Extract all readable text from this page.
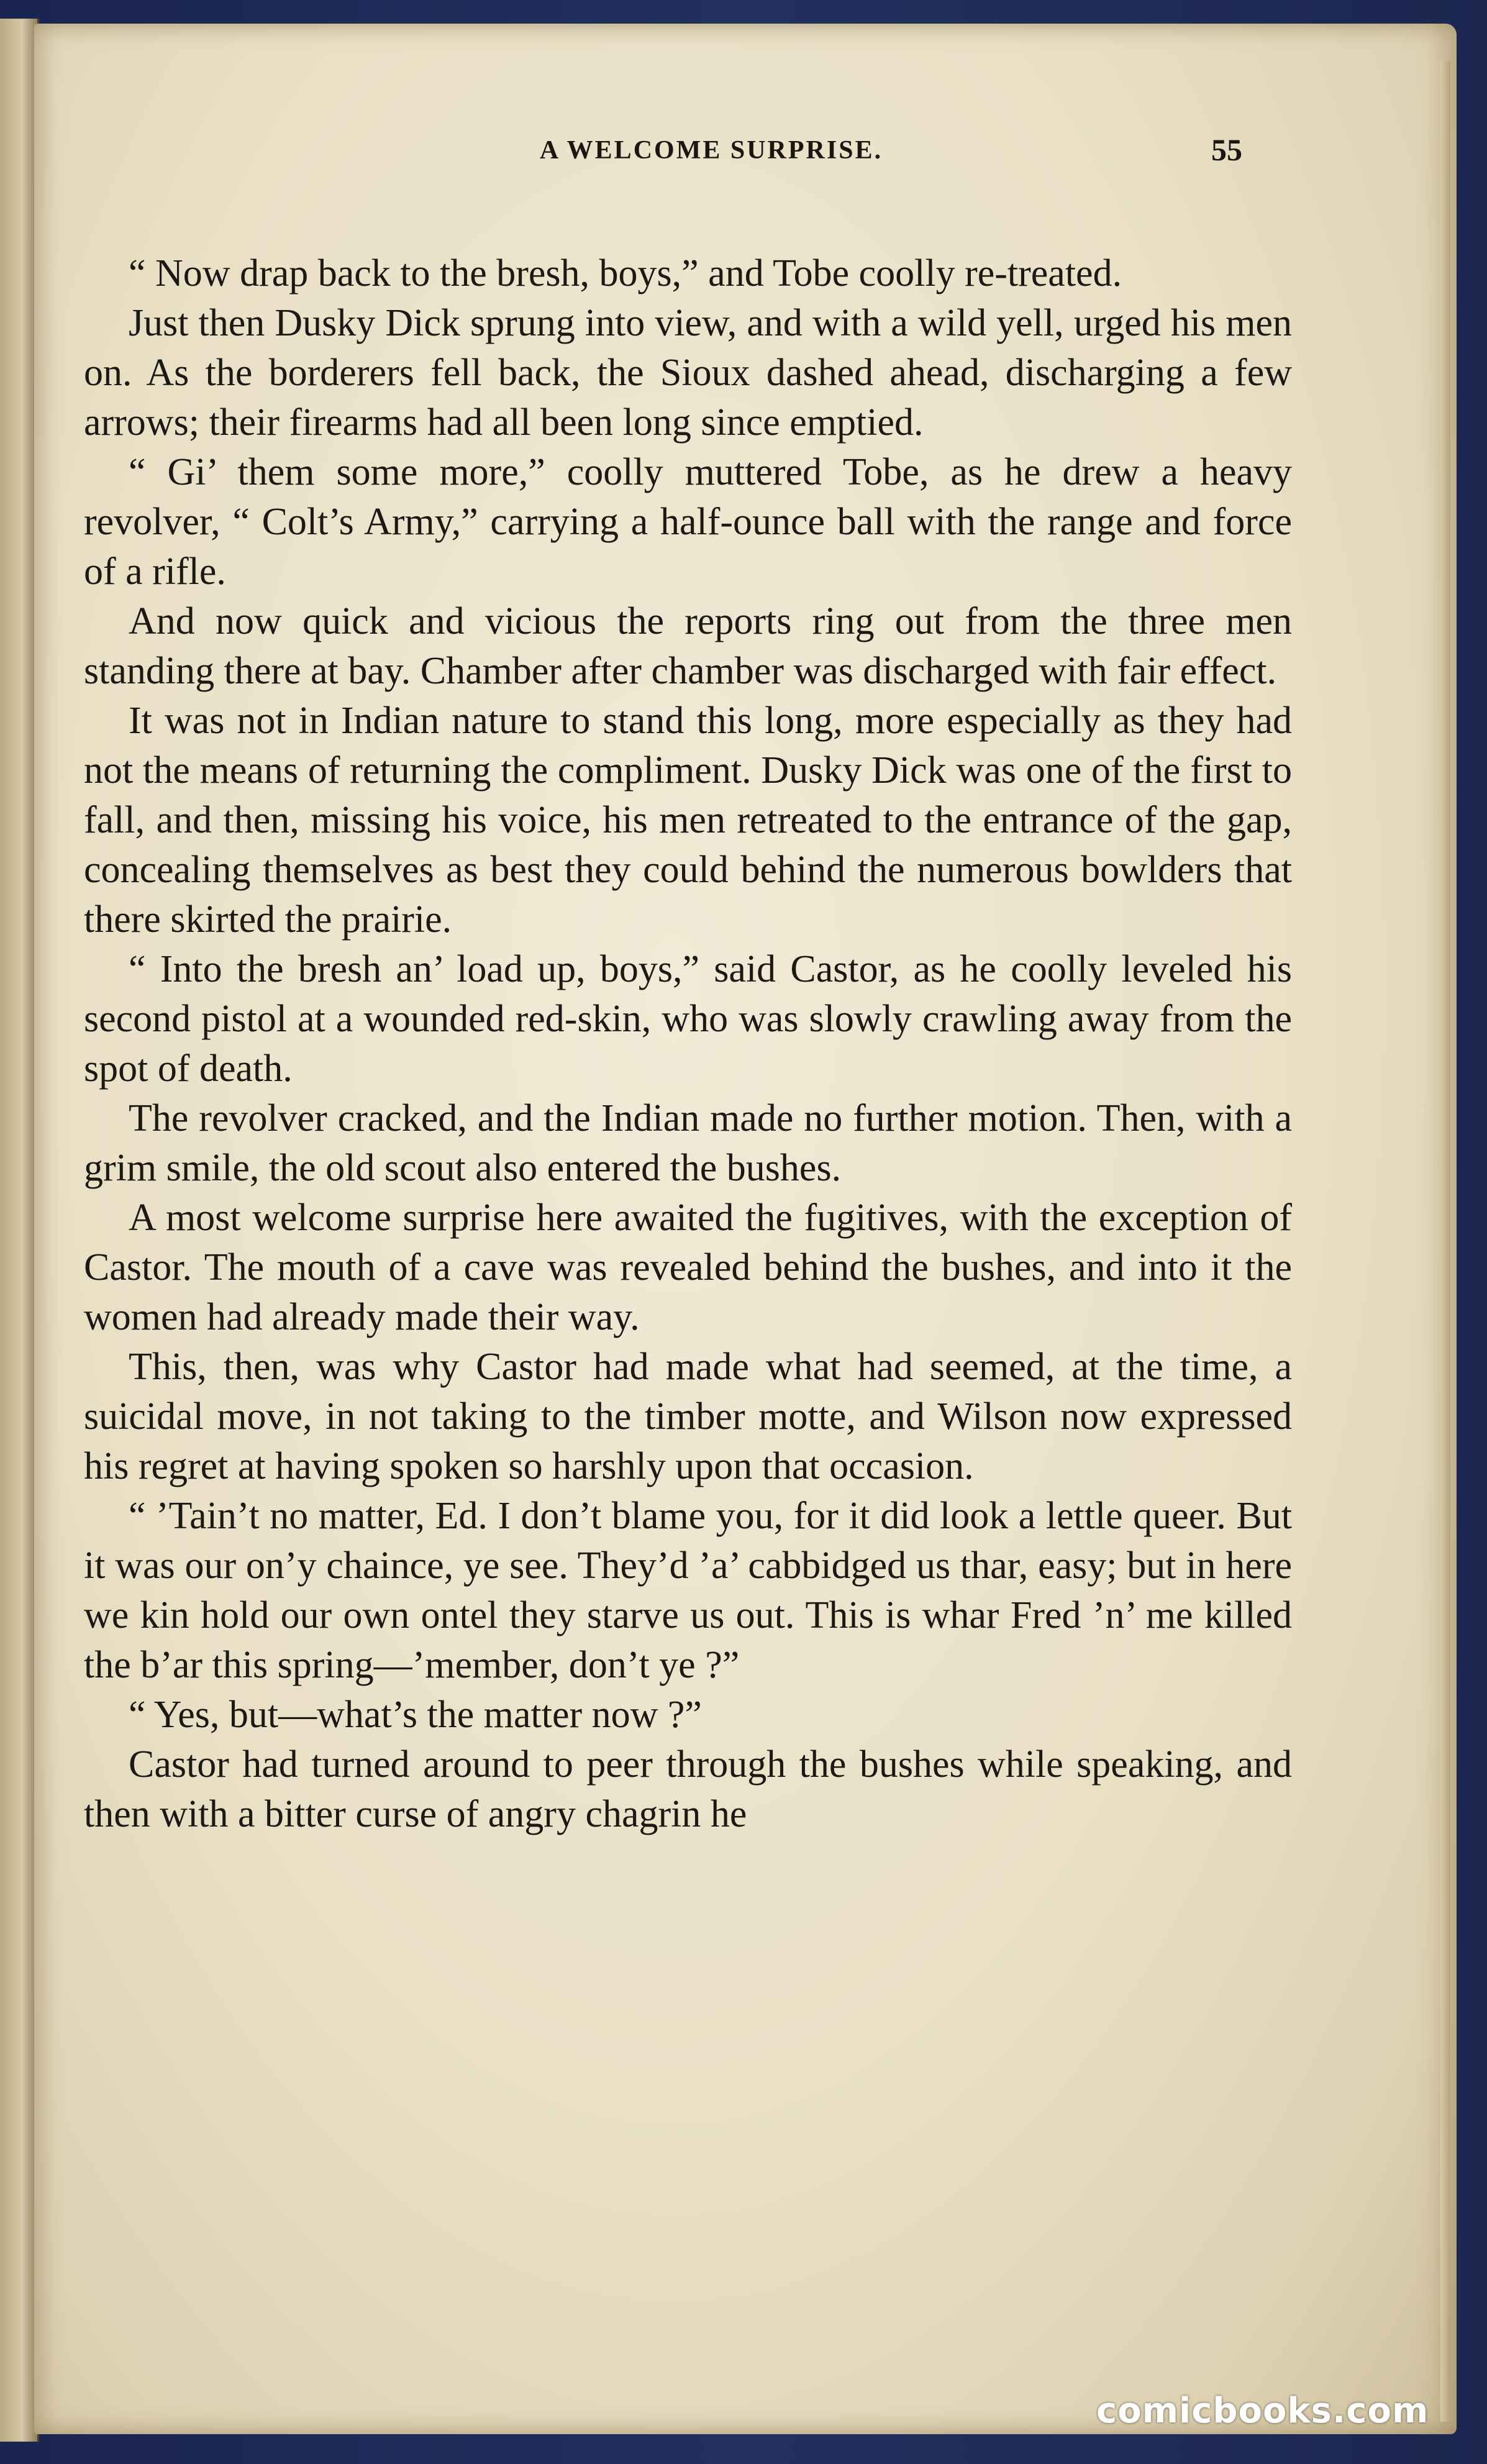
A WELCOME SURPRISE.	55

“ Now drap back to the bresh, boys,” and Tobe coolly re-treated.

Just then Dusky Dick sprung into view, and with a wild yell, urged his men on. As the borderers fell back, the Sioux dashed ahead, discharging a few arrows; their firearms had all been long since emptied.

“ Gi’ them some more,” coolly muttered Tobe, as he drew a heavy revolver, “ Colt’s Army,” carrying a half-ounce ball with the range and force of a rifle.

And now quick and vicious the reports ring out from the three men standing there at bay. Chamber after chamber was discharged with fair effect.

It was not in Indian nature to stand this long, more especially as they had not the means of returning the compliment. Dusky Dick was one of the first to fall, and then, missing his voice, his men retreated to the entrance of the gap, concealing themselves as best they could behind the numerous bowlders that there skirted the prairie.

“ Into the bresh an’ load up, boys,” said Castor, as he coolly leveled his second pistol at a wounded red-skin, who was slowly crawling away from the spot of death.

The revolver cracked, and the Indian made no further motion. Then, with a grim smile, the old scout also entered the bushes.

A most welcome surprise here awaited the fugitives, with the exception of Castor. The mouth of a cave was revealed behind the bushes, and into it the women had already made their way.

This, then, was why Castor had made what had seemed, at the time, a suicidal move, in not taking to the timber motte, and Wilson now expressed his regret at having spoken so harshly upon that occasion.

“ ’Tain’t no matter, Ed. I don’t blame you, for it did look a lettle queer. But it was our on’y chaince, ye see. They’d ’a’ cabbidged us thar, easy; but in here we kin hold our own ontel they starve us out. This is whar Fred ’n’ me killed the b’ar this spring—’member, don’t ye ?”

“ Yes, but—what’s the matter now ?”

Castor had turned around to peer through the bushes while speaking, and then with a bitter curse of angry chagrin he

comicbooks.com
